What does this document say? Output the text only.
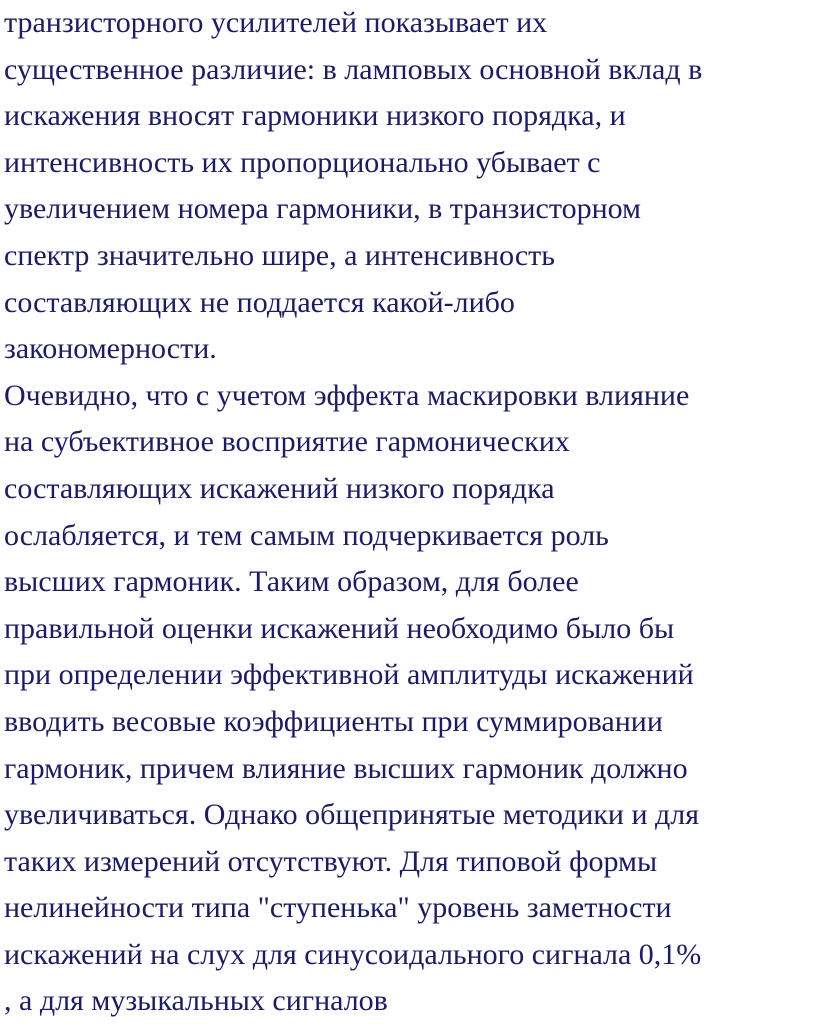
транзисторного усилителей показывает их
существенное различие: в ламповых основной вклад в
искажения вносят гармоники низкого порядка, и
интенсивность их пропорционально убывает с
увеличением номера гармоники, в транзисторном
спектр значительно шире, а интенсивность
составляющих не поддается какой-либо
закономерности.
Очевидно, что с учетом эффекта маскировки влияние
на субъективное восприятие гармонических
составляющих искажений низкого порядка
ослабляется, и тем самым подчеркивается роль
высших гармоник. Таким образом, для более
правильной оценки искажений необходимо было бы
при определении эффективной амплитуды искажений
вводить весовые коэффициенты при суммировании
гармоник, причем влияние высших гармоник должно
увеличиваться. Однако общепринятые методики и для
таких измерений отсутствуют. Для типовой формы
нелинейности типа "ступенька" уровень заметности
искажений на слух для синусоидального сигнала 0,1%
, а для музыкальных сигналов
